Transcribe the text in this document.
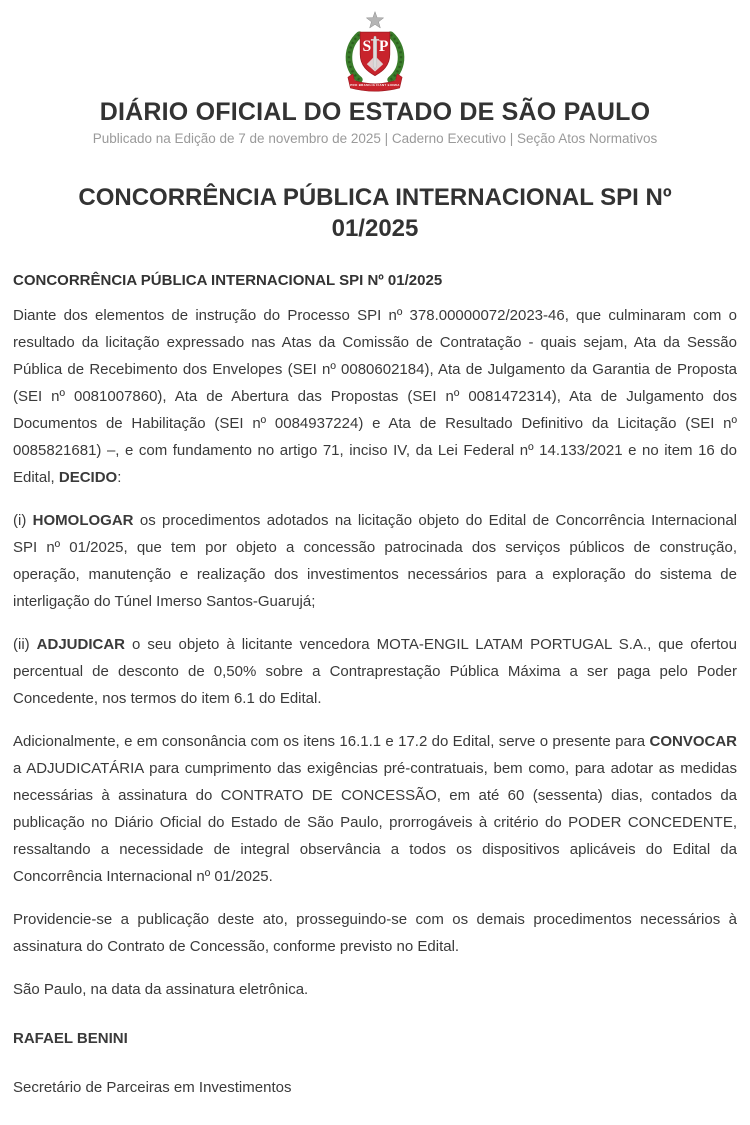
S P
PRO BRASILIA FIANT EXIMIA
DIÁRIO OFICIAL DO ESTADO DE SÃO PAULO

Publicado na Edição de 7 de novembro de 2025 | Caderno Executivo | Seção Atos Normativos

CONCORRÊNCIA PÚBLICA INTERNACIONAL SPI Nº 01/2025
CONCORRÊNCIA PÚBLICA INTERNACIONAL SPI Nº 01/2025

Diante dos elementos de instrução do Processo SPI nº 378.00000072/2023-46, que culminaram com o resultado da licitação expressado nas Atas da Comissão de Contratação - quais sejam, Ata da Sessão Pública de Recebimento dos Envelopes (SEI nº 0080602184), Ata de Julgamento da Garantia de Proposta (SEI nº 0081007860), Ata de Abertura das Propostas (SEI nº 0081472314), Ata de Julgamento dos Documentos de Habilitação (SEI nº 0084937224) e Ata de Resultado Definitivo da Licitação (SEI nº 0085821681) –, e com fundamento no artigo 71, inciso IV, da Lei Federal nº 14.133/2021 e no item 16 do Edital, DECIDO:

(i) HOMOLOGAR os procedimentos adotados na licitação objeto do Edital de Concorrência Internacional SPI nº 01/2025, que tem por objeto a concessão patrocinada dos serviços públicos de construção, operação, manutenção e realização dos investimentos necessários para a exploração do sistema de interligação do Túnel Imerso Santos-Guarujá;

(ii) ADJUDICAR o seu objeto à licitante vencedora MOTA-ENGIL LATAM PORTUGAL S.A., que ofertou percentual de desconto de 0,50% sobre a Contraprestação Pública Máxima a ser paga pelo Poder Concedente, nos termos do item 6.1 do Edital.

Adicionalmente, e em consonância com os itens 16.1.1 e 17.2 do Edital, serve o presente para CONVOCAR a ADJUDICATÁRIA para cumprimento das exigências pré-contratuais, bem como, para adotar as medidas necessárias à assinatura do CONTRATO DE CONCESSÃO, em até 60 (sessenta) dias, contados da publicação no Diário Oficial do Estado de São Paulo, prorrogáveis à critério do PODER CONCEDENTE, ressaltando a necessidade de integral observância a todos os dispositivos aplicáveis do Edital da Concorrência Internacional nº 01/2025.

Providencie-se a publicação deste ato, prosseguindo-se com os demais procedimentos necessários à assinatura do Contrato de Concessão, conforme previsto no Edital.

São Paulo, na data da assinatura eletrônica.

RAFAEL BENINI

Secretário de Parceiras em Investimentos
